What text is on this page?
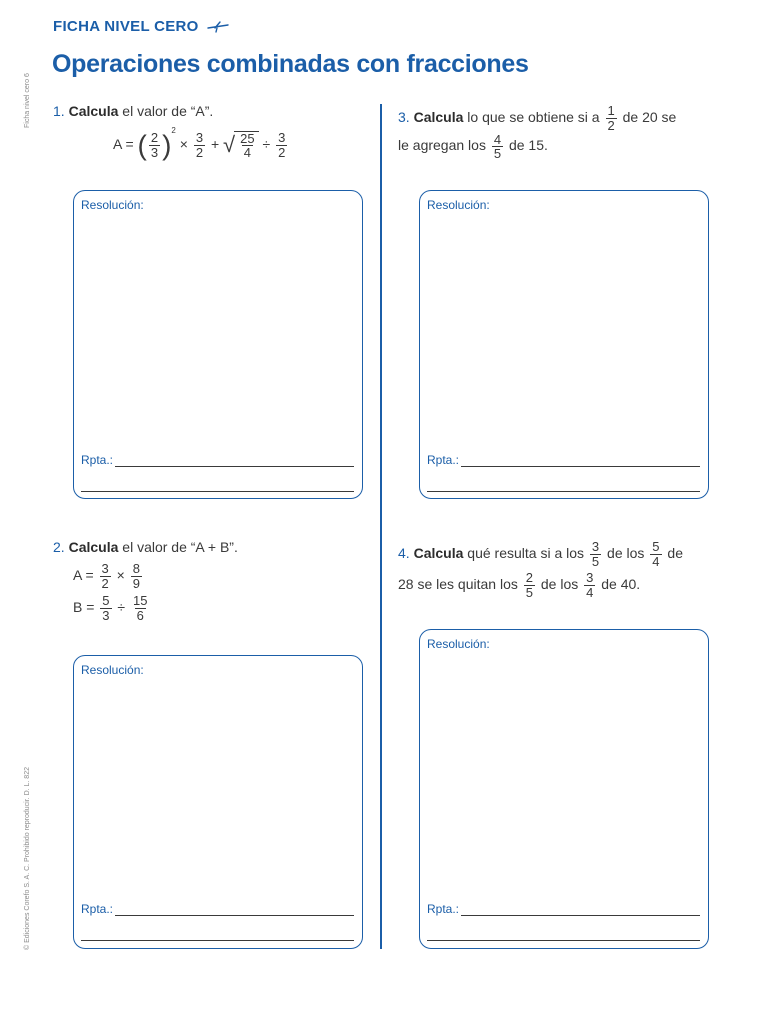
FICHA NIVEL CERO
Operaciones combinadas con fracciones
Ficha nivel cero 6
© Ediciones Corefo S. A. C. Prohibido reproducir. D. L. 822
1. Calcula el valor de “A”.
A = ( $\frac{2}{3} )^2 \times \frac{3}{2}$ + √ $\frac{25}{4} \div \frac{3}{2}$
Resolución:
Rpta.:
2. Calcula el valor de “A + B”.
$A = \frac{3}{2} \times \frac{8}{9}$
$B = \frac{5}{3} \div \frac{15}{6}$
Resolución:
Rpta.:
3. Calcula lo que se obtiene si a $\frac{1}{2}$ de 20 se
le agregan los $\frac{4}{5}$ de 15.
Resolución:
Rpta.:
4. Calcula qué resulta si a los $\frac{3}{5}$ de los $\frac{5}{4}$ de
28 se les quitan los $\frac{2}{5}$ de los $\frac{3}{4}$ de 40.
Resolución:
Rpta.:
